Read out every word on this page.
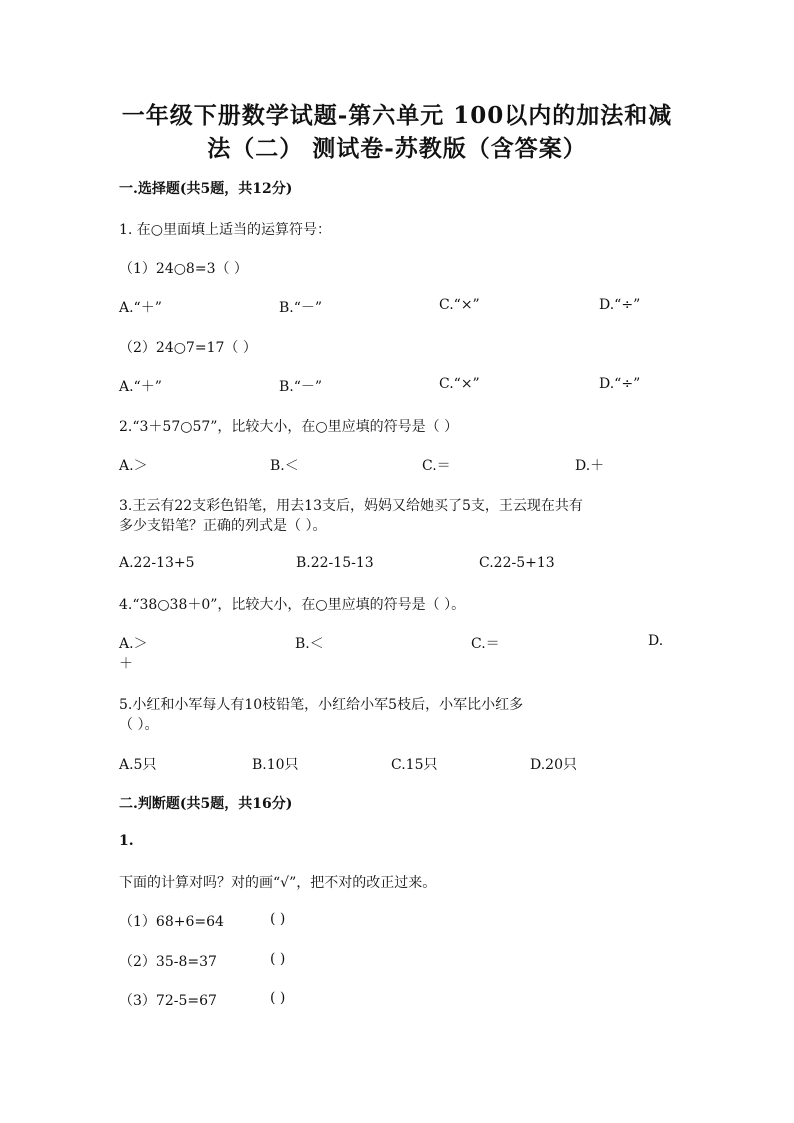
一年级下册数学试题-第六单元 100以内的加法和减
法（二） 测试卷-苏教版（含答案）
一.选择题(共5题，共12分)
1. 在○里面填上适当的运算符号：
（1）24○8=3（ ）
A.“＋”	B.“－”	C.“×”	D.“÷”
（2）24○7=17（ ）
A.“＋”	B.“－”	C.“×”	D.“÷”
2.“3＋57○57”，比较大小，在○里应填的符号是（ ）
A.＞	B.＜	C.＝	D.＋
3.王云有22支彩色铅笔，用去13支后，妈妈又给她买了5支，王云现在共有
多少支铅笔？正确的列式是（ ）。
A.22-13+5	B.22-15-13	C.22-5+13
4.“38○38＋0”，比较大小，在○里应填的符号是（ ）。
A.＞	B.＜	C.＝	D.
＋
5.小红和小军每人有10枝铅笔，小红给小军5枝后，小军比小红多
（ ）。
A.5只	B.10只	C.15只	D.20只
二.判断题(共5题，共16分)
1.
下面的计算对吗？对的画“√”，把不对的改正过来。
（1）68+6=64	( )
（2）35-8=37	( )
（3）72-5=67	( )
